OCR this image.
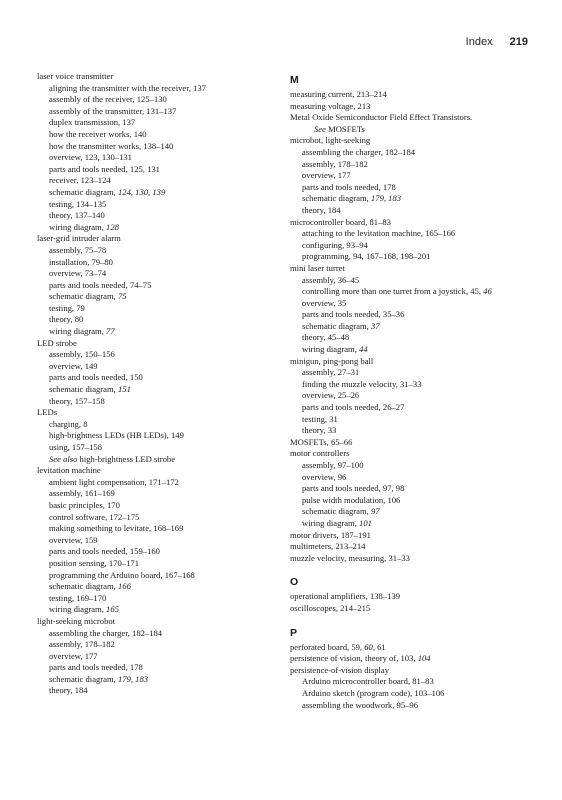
Index 219
laser voice transmitter
aligning the transmitter with the receiver, 137
assembly of the receiver, 125–130
assembly of the transmitter, 131–137
duplex transmission, 137
how the receiver works, 140
how the transmitter works, 138–140
overview, 123, 130–131
parts and tools needed, 125, 131
receiver, 123–124
schematic diagram, 124, 130, 139
testing, 134–135
theory, 137–140
wiring diagram, 128
laser-grid intruder alarm
assembly, 75–78
installation, 79–80
overview, 73–74
parts and tools needed, 74–75
schematic diagram, 75
testing, 79
theory, 80
wiring diagram, 77
LED strobe
assembly, 150–156
overview, 149
parts and tools needed, 150
schematic diagram, 151
theory, 157–158
LEDs
charging, 8
high-brightness LEDs (HB LEDs), 149
using, 157–158
See also high-brightness LED strobe
levitation machine
ambient light compensation, 171–172
assembly, 161–169
basic principles, 170
control software, 172–175
making something to levitate, 168–169
overview, 159
parts and tools needed, 159–160
position sensing, 170–171
programming the Arduino board, 167–168
schematic diagram, 166
testing, 169–170
wiring diagram, 165
light-seeking microbot
assembling the charger, 182–184
assembly, 178–182
overview, 177
parts and tools needed, 178
schematic diagram, 179, 183
theory, 184
M
measuring current, 213–214
measuring voltage, 213
Metal Oxide Semiconductor Field Effect Transistors.
See MOSFETs
microbot, light-seeking
assembling the charger, 182–184
assembly, 178–182
overview, 177
parts and tools needed, 178
schematic diagram, 179, 183
theory, 184
microcontroller board, 81–83
attaching to the levitation machine, 165–166
configuring, 93–94
programming, 94, 167–168, 198–201
mini laser turret
assembly, 36–45
controlling more than one turret from a joystick, 45, 46
overview, 35
parts and tools needed, 35–36
schematic diagram, 37
theory, 45–48
wiring diagram, 44
minigun, ping-pong ball
assembly, 27–31
finding the muzzle velocity, 31–33
overview, 25–26
parts and tools needed, 26–27
testing, 31
theory, 33
MOSFETs, 65–66
motor controllers
assembly, 97–100
overview, 96
parts and tools needed, 97, 98
pulse width modulation, 106
schematic diagram, 97
wiring diagram, 101
motor drivers, 187–191
multimeters, 213–214
muzzle velocity, measuring, 31–33
O
operational amplifiers, 138–139
oscilloscopes, 214–215
P
perforated board, 59, 60, 61
persistence of vision, theory of, 103, 104
persistence-of-vision display
Arduino microcontroller board, 81–83
Arduino sketch (program code), 103–106
assembling the woodwork, 95–96
